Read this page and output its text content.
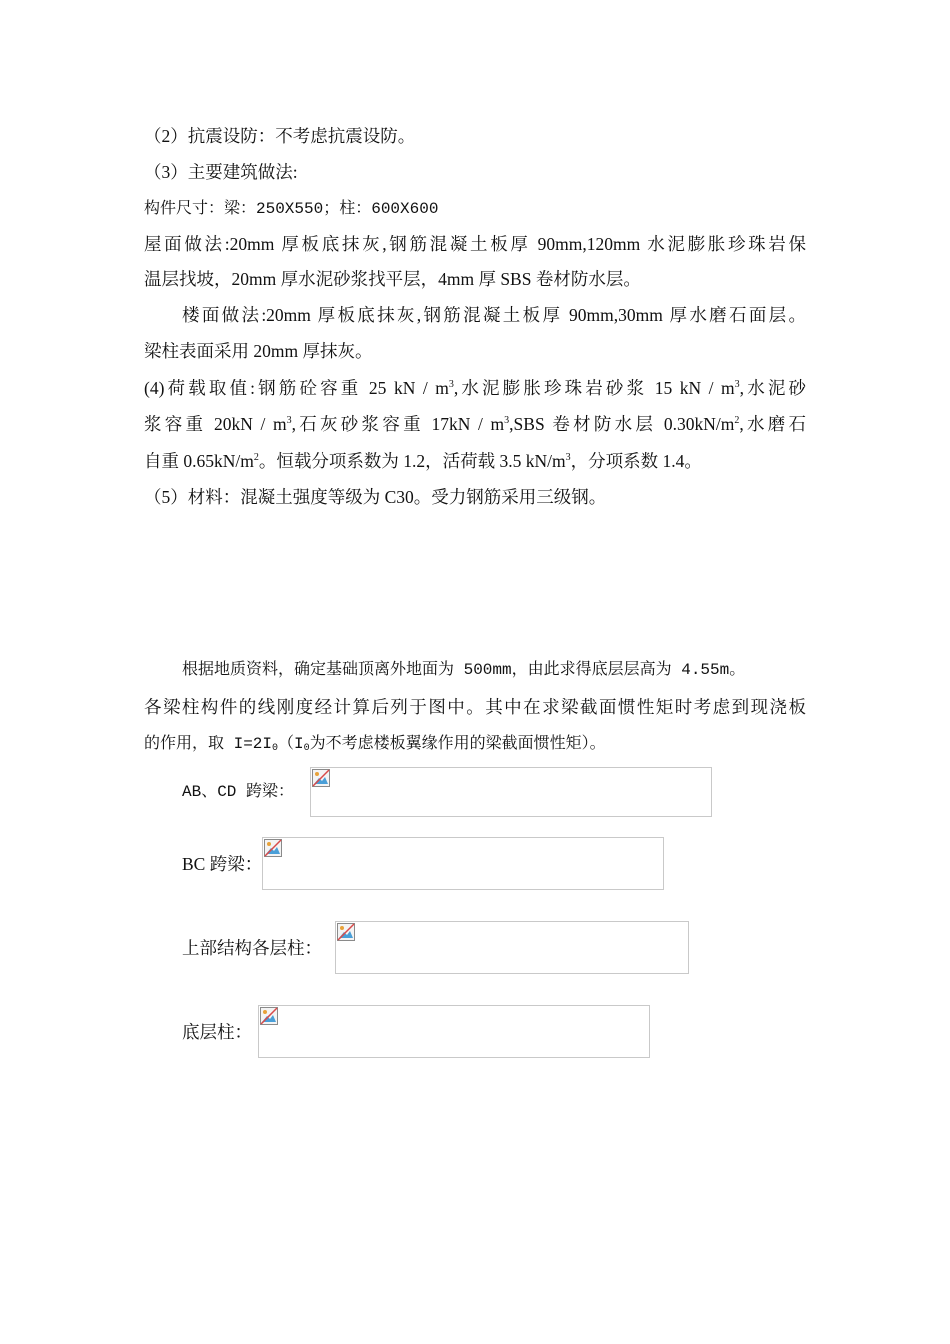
（2）抗震设防：不考虑抗震设防。
（3）主要建筑做法:
构件尺寸：梁：250X550；柱：600X600
屋面做法:20mm 厚板底抹灰,钢筋混凝土板厚 90mm,120mm 水泥膨胀珍珠岩保
温层找坡，20mm 厚水泥砂浆找平层，4mm 厚 SBS 卷材防水层。
楼面做法:20mm 厚板底抹灰,钢筋混凝土板厚 90mm,30mm 厚水磨石面层。
梁柱表面采用 20mm 厚抹灰。
(4)荷载取值:钢筋砼容重 25 kN / $m^3$,水泥膨胀珍珠岩砂浆 15 kN / $m^3$,水泥砂
浆容重 $20kN / m^3$,石灰砂浆容重 $17kN / m^3,SBS$ 卷材防水层 $0.30kN/m^2$,水磨石
自重 $0.65kN/m^2$。恒载分项系数为 1.2，活荷载 3.5 $kN/m^3$，分项系数 1.4。
（5）材料：混凝土强度等级为 C30。受力钢筋采用三级钢。
根据地质资料，确定基础顶离外地面为 500mm，由此求得底层层高为 4.55m。
各梁柱构件的线刚度经计算后列于图中。其中在求梁截面惯性矩时考虑到现浇板
的作用，取 $I=2I_0(I_0$为不考虑楼板翼缘作用的梁截面惯性矩）。
AB、CD 跨梁：
BC 跨梁：
上部结构各层柱：
底层柱：
